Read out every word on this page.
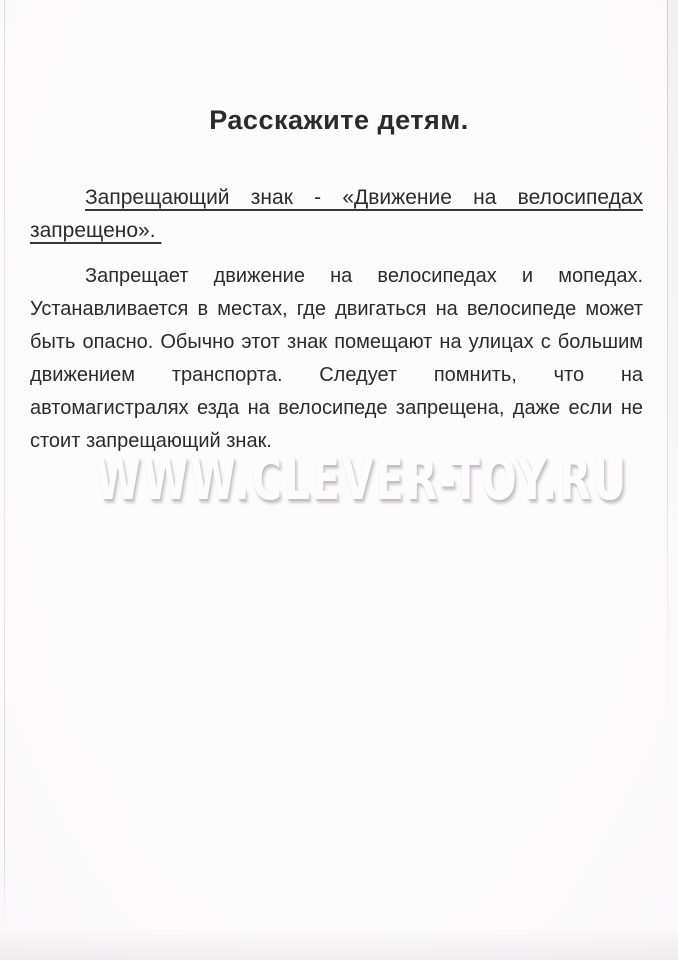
Расскажите детям.
Запрещающий знак - «Движение на велосипедах
запрещено».
Запрещает движение на велосипедах и мопедах.
Устанавливается в местах, где двигаться на велосипеде может
быть опасно. Обычно этот знак помещают на улицах с большим
движением транспорта. Следует помнить, что на
автомагистралях езда на велосипеде запрещена, даже если не
стоит запрещающий знак.
WWW.CLEVER-TOY.RU
